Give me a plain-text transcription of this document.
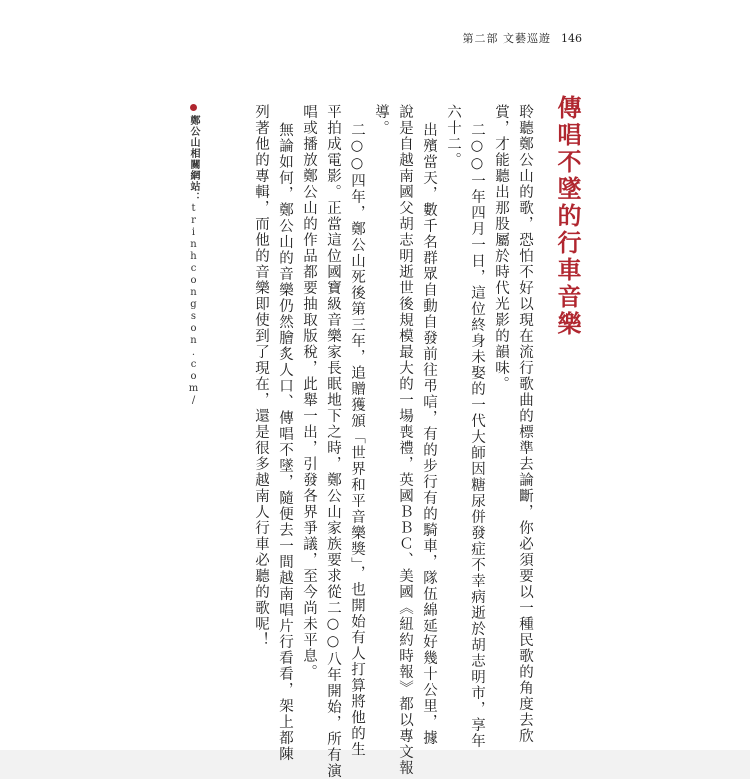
第二部 文藝巡遊 146
傳唱不墜的行車音樂
聆聽鄭公山的歌，恐怕不好以現在流行歌曲的標準去論斷，你必須要以一種民歌的角度去欣
賞，才能聽出那股屬於時代光影的韻味。
二○○一年四月一日，這位終身未娶的一代大師因糖尿併發症不幸病逝於胡志明市，享年
六十二。
出殯當天，數千名群眾自動自發前往弔唁，有的步行有的騎車，隊伍綿延好幾十公里，據
說是自越南國父胡志明逝世後規模最大的一場喪禮，英國ＢＢＣ、美國《紐約時報》都以專文報
導。
二○○四年，鄭公山死後第三年，追贈獲頒「世界和平音樂獎」，也開始有人打算將他的生
平拍成電影。正當這位國寶級音樂家長眠地下之時，鄭公山家族要求從二○○八年開始，所有演
唱或播放鄭公山的作品都要抽取版稅，此舉一出，引發各界爭議，至今尚未平息。
無論如何，鄭公山的音樂仍然膾炙人口、傳唱不墜，隨便去一間越南唱片行看看，架上都陳
列著他的專輯，而他的音樂即使到了現在，還是很多越南人行車必聽的歌呢！
鄭公山相關網站：
trinhcongson.com/
